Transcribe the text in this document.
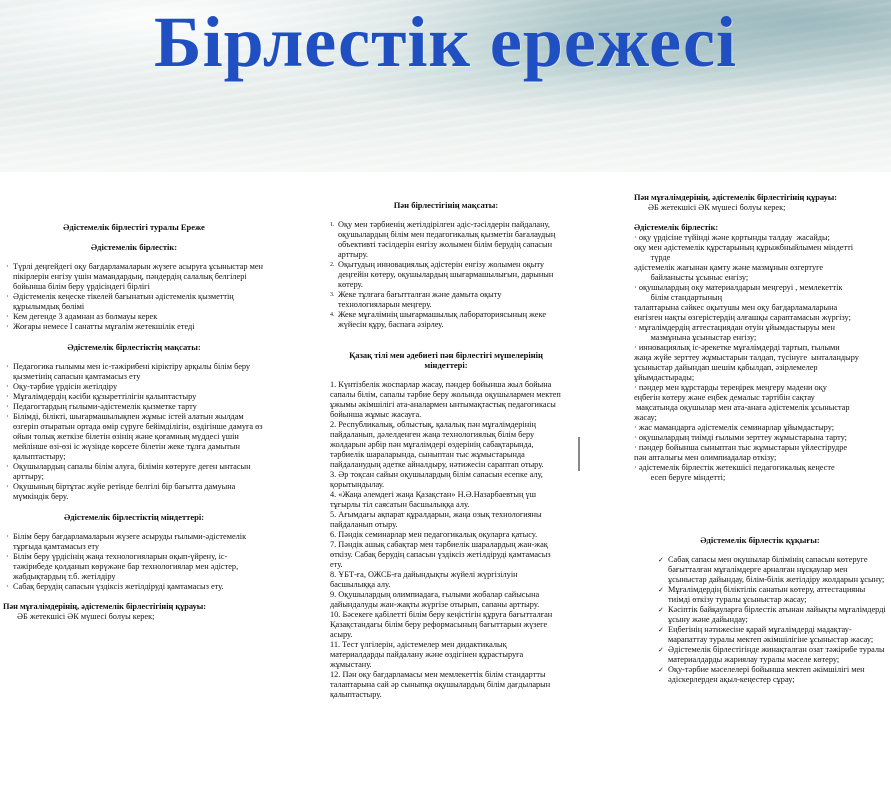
Бірлестік ережесі
Әдістемелік бірлестігі туралы Ереже
Әдістемелік бірлестік:
· Түрлі деңгейдегі оқу бағдарламаларын жүзеге асыруға ұсыныстар мен пікірлерін енгізу үшін мамандардың, пәндердің салалық белгілері бойынша білім беру үрдісіндегі бірлігі
· Әдістемелік кеңеске тікелей бағынатын әдістемелік қызметтің құрылымдық бөлімі
· Кем дегенде 3 адамнан аз болмауы керек
· Жоғары немесе I санатты мұғалім жетекшілік етеді
Әдістемелік бірлестіктің мақсаты:
· Педагогика ғылымы мен іс-тәжірибені кіріктіру арқылы білім беру қызметінің сапасын қамтамасыз ету
· Оқу-тәрбие үрдісін жетілдіру
· Мұғалімдердің кәсіби құзыреттілігін қалыптастыру
· Педагогтардың ғылыми-әдістемелік қызметке тарту
· Білімді, білікті, шығармашылықпен жұмыс істей алатын жылдам өзгеріп отыратын ортада өмір сүруге бейімділігін, өздігінше дамуға өз ойын толық жеткізе білетін өзінің және қоғамның мүддесі үшін мейлінше өзі-өзі іс жүзінде көрсете білетін жеке тұлға дамытын қалыптастыру;
· Оқушылардың сапалы білім алуға, білімін көтеруге деген ынтасын арттыру;
· Оқушының біртұтас жүйе ретінде белгілі бір бағытта дамуына мүмкіндік беру.
Әдістемелік бірлестіктің міндеттері:
· Білім беру бағдарламаларын жүзеге асыруды ғылыми-әдістемелік тұрғыда қамтамасыз ету
· Білім беру үрдісінің жаңа технологияларын оқып-үйрену, іс-тәжірибеде қолданып көрүжәне бар технологиялар мен әдістер, жабдықтардың т.б. жетілдіру
· Сабақ берудің сапасын үздіксіз жетілдіруді қамтамасыз ету.

Пән мұғалімдерінің, әдістемелік бірлестігінің құрауы:

ӘБ жетекшісі ӘК мүшесі болуы керек;

Пән бірлестігінің мақсаты:
1. Оқу мен тәрбиенің жетілдірілген әдіс-тәсілдерін пайдалану, оқушылардың білім мен педагогикалық қызметін бағалаудың объективті тәсілдерін енгізу жолымен білім берудің сапасын арттыру.
2. Оқытудың инновациялық әдістерін енгізу жолымен оқыту деңгейін көтеру, оқушылардың шығармашылығын, дарынын көтеру.
3. Жеке тұлғаға бағытталған және дамыта оқыту технологияларын меңгеру.
4. Жеке мұғалімнің шығармашылық лабораториясының жеке жүйесін құру, баспаға әзірлеу.
Қазақ тілі мен әдебиеті пән бірлестігі мүшелерінің міндеттері:

1. Күнтізбелік жоспарлар жасау, пәндер бойынша жыл бойына сапалы білім, сапалы тәрбие беру жолында оқушылармен мектеп ұжымы әкімшілігі ата-аналармен ынтымақтастық педагогикасы бойынша жұмыс жасауға.

2. Республикалық, облыстық, қалалық пән мұғалімдерінің пайдаланып, дәлелденген жаңа технологиялық білім беру жолдарын әрбір пән мұғалімдері өздерінің сабақтарында, тәрбиелік шараларында, сыныптан тыс жұмыстарында пайдаланудың әдетке айналдыру, нәтижесін сараптап отыру.

3. Әр тоқсан сайын оқушылардың білім сапасын есепке алу, қорытындылау.

4. «Жаңа әлемдегі жаңа Қазақстан» Н.Ә.Назарбаевтың үш тұғырлы тіл саясатын басшылыққа алу.

5. Ағымдағы ақпарат құралдарын, жаңа озық технологияны пайдаланып отыру.

6. Пәндік семинарлар мен педагогикалық оқуларға қатысу.

7. Пәндік ашық сабақтар мен тәрбиелік шаралардың жан-жақ өткізу. Сабақ берудің сапасын үздіксіз жетілдіруді қамтамасыз ету.

8. ҰБТ-ға, ОЖСБ-ға дайындықты жүйелі жүргізілуін басшылыққа алу.

9. Оқушылардың олимпиадаға, ғылыми жобалар сайысына дайындалуды жан-жақты жүргізе отырып, сапаны арттыру.

10. Бәсекеге қабілетті білім беру кеңістігін құруға бағытталған Қазақстандағы білім беру реформасының бағыттарын жүзеге асыру.

11. Тест үлгілерін, әдістемелер мен дидактикалық материалдарды пайдалану және өздігінен құрастыруға жұмыстану.

12. Пән оқу бағдарламасы мен мемлекеттік білім стандартты талаптарына сай әр сыныпқа оқушылардың білім дағдыларын қалыптастыру.

Пән мұғалімдерінің, әдістемелік бірлестігінің құрауы:

ӘБ жетекшісі ӘК мүшесі болуы керек;

Әдістемелік бірлестік:

· оқу үрдісіне түйінді және қортынды талдау  жасайды;
оқу мен әдістемелік құрстарының құрыжбныйлымен міндетті
түрде
әдістемелік жағынан қамту және мазмұнын өзгертуге
байланысты ұсыныс енгізу;
· оқушылардың оқу материалдарын меңгеруі , мемлекеттік
білім стандартының
талаптарына сәйкес оқытушы мен оқу бағдарламаларына
енгізген нақты өзгерістердің алғашқы сараптамасын жүргізу;
· мұғалімдердің аттестациядан өтуін ұйымдастыруы мен
мазмұнына ұсыныстар енгізу;
· инновациялық іс-әрекетке мұғалімдерді тартып, ғылыми
жаңа жүйе зерттеу жұмыстарын талдап, түсінуге  ынталандыру
ұсыныстар дайындап шешім қабылдап, әзірлемелер
ұйымдастырады;
· пәндер мен құрстарды тереңірек меңгеру мәдени оқу
еңбегін көтеру және еңбек демалыс тәртібін сақтау
мақсатында оқушылар мен ата-анаға әдістемелік ұсыныстар
жасау;
· жас мамандарға әдістемелік семинарлар ұйымдастыру;
· оқушылардың тиімді ғылыми зерттеу жұмыстарына тарту;
· пәндер бойынша сыныптан тыс жұмыстарын үйлестірудре
пән апталығы мен олимпиадалар өткізу;
· әдістемелік бірлестік жетекшісі педагогикалық кеңесте
есеп беруге міндетті;
Әдістемелік бірлестік құқығы:
✓ Сабақ сапасы мен оқушылар білімінің сапасын көтеруге бағытталған мұғалімдерге арналған нұсқаулар мен ұсыныстар дайындау, білім-білік жетілдіру жолдарын ұсыну;
✓ Мұғалімдердің біліктілік санатын көтеру, аттестацияны тиімді өткізу туралы ұсыныстар жасау;
✓ Кәсіптік байқауларға бірлестік атынан лайықты мұғалімдерді ұсыну және дайындау;
✓ Еңбегінің нәтижесіне қарай мұғалімдерді мадақтау-марапаттау туралы мектеп әкімшілігіне ұсыныстар жасау;
✓ Әдістемелік бірлестігінде жинақталған озат тәжірибе туралы материалдарды жариялау туралы мәселе көтеру;
✓ Оқу-тәрбие мәселелері бойынша мектеп әкімшілігі мен әдіскерлерден ақыл-кеңестер сұрау;
